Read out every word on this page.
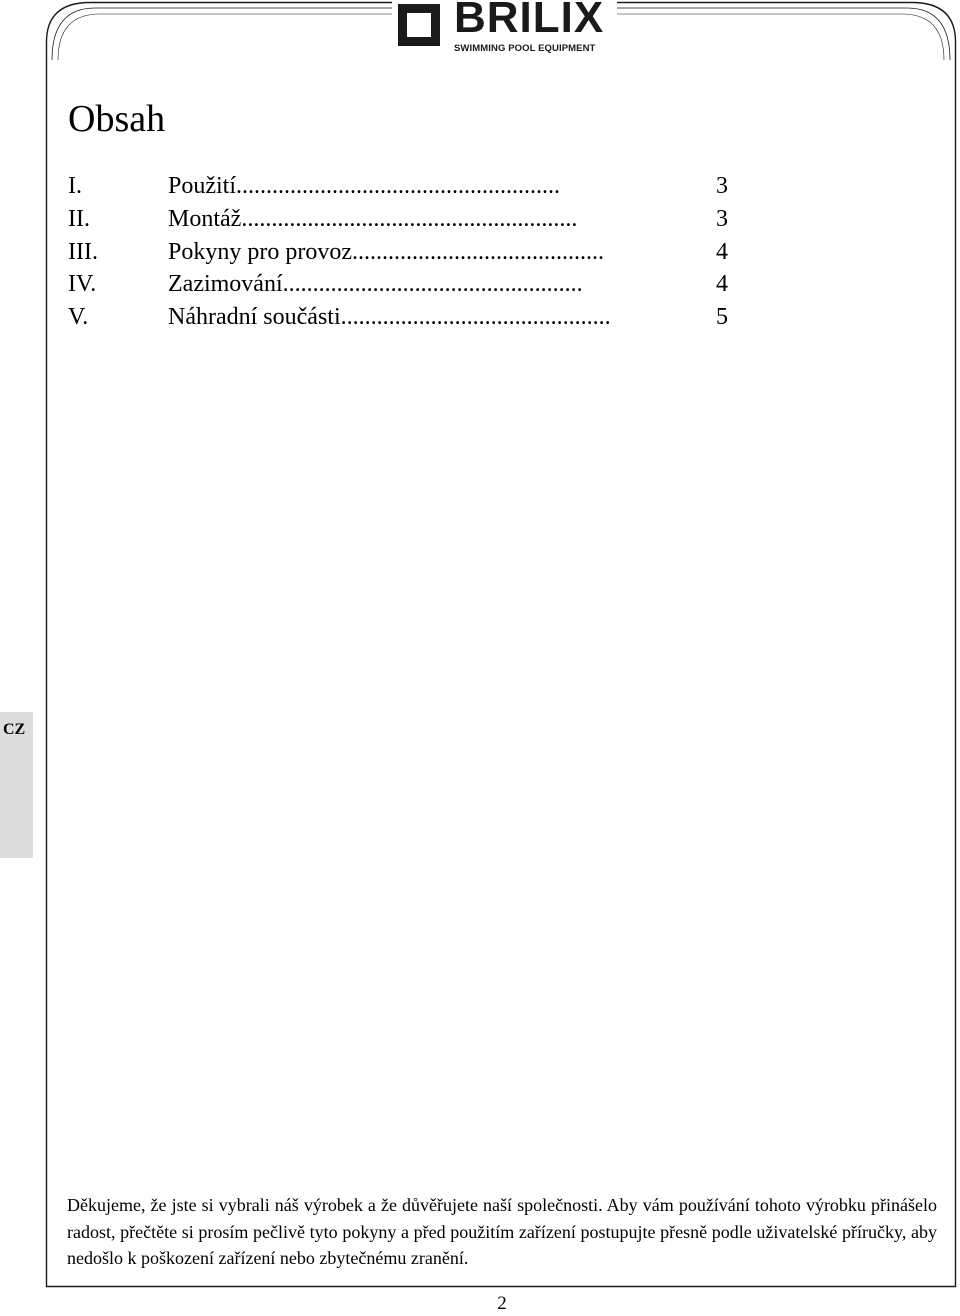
BRILIX
SWIMMING POOL EQUIPMENT
Obsah
I.	Použití......................................................	3
II.	Montáž........................................................	3
III.	Pokyny pro provoz..........................................	4
IV.	Zazimování..................................................	4
V.	Náhradní součásti.............................................	5
CZ
Děkujeme, že jste si vybrali náš výrobek a že důvěřujete naší společnosti. Aby vám používání tohoto výrobku přinášelo radost, přečtěte si prosím pečlivě tyto pokyny a před použitím zařízení postupujte přesně podle uživatelské příručky, aby nedošlo k poškození zařízení nebo zbytečnému zranění.
2
